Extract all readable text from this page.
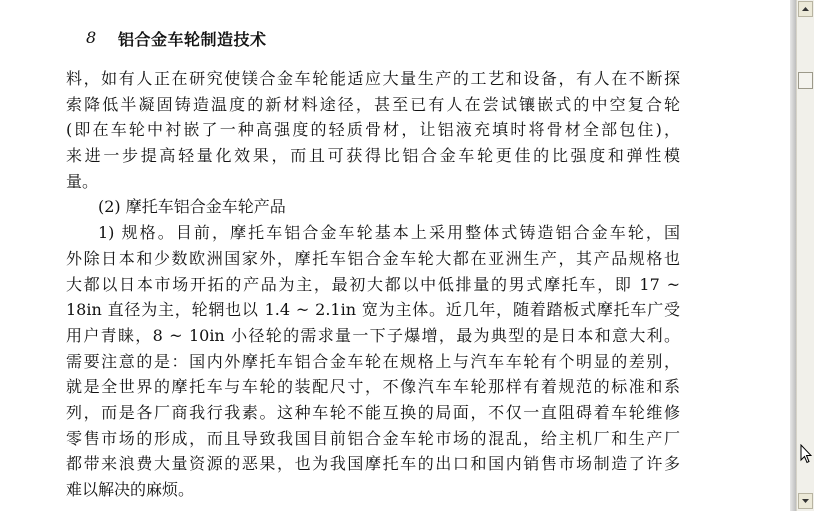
8 铝合金车轮制造技术
料，如有人正在研究使镁合金车轮能适应大量生产的工艺和设备，有人在不断探
索降低半凝固铸造温度的新材料途径，甚至已有人在尝试镶嵌式的中空复合轮
(即在车轮中衬嵌了一种高强度的轻质骨材，让铝液充填时将骨材全部包住)，
来进一步提高轻量化效果，而且可获得比铝合金车轮更佳的比强度和弹性模
量。
(2) 摩托车铝合金车轮产品
1) 规格。目前，摩托车铝合金车轮基本上采用整体式铸造铝合金车轮，国
外除日本和少数欧洲国家外，摩托车铝合金车轮大都在亚洲生产，其产品规格也
大都以日本市场开拓的产品为主，最初大都以中低排量的男式摩托车，即 17 ~
18in 直径为主，轮辋也以 1.4 ~ 2.1in 宽为主体。近几年，随着踏板式摩托车广受
用户青睐，8 ~ 10in 小径轮的需求量一下子爆增，最为典型的是日本和意大利。
需要注意的是：国内外摩托车铝合金车轮在规格上与汽车车轮有个明显的差别，
就是全世界的摩托车与车轮的装配尺寸，不像汽车车轮那样有着规范的标准和系
列，而是各厂商我行我素。这种车轮不能互换的局面，不仅一直阻碍着车轮维修
零售市场的形成，而且导致我国目前铝合金车轮市场的混乱，给主机厂和生产厂
都带来浪费大量资源的恶果，也为我国摩托车的出口和国内销售市场制造了许多
难以解决的麻烦。
